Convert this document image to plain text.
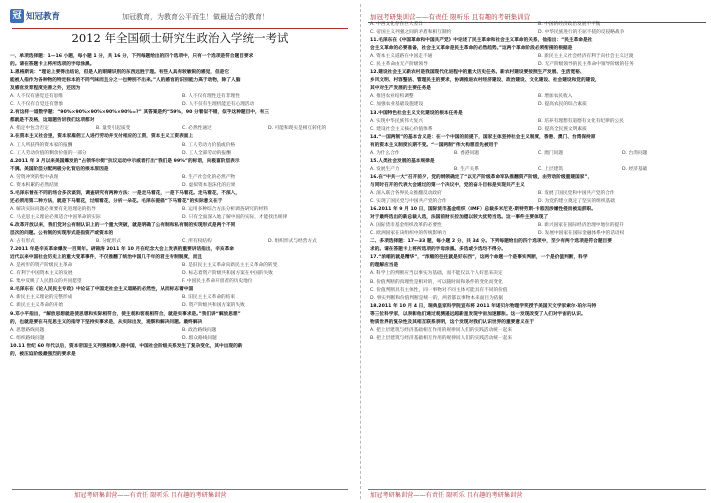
冠 知冠教育	加冠教育，为教育公平而生！做最适合的教育！
2012 年全国硕士研究生政治入学统一考试
一、单项选择题：1—16 小题，每小题 1 分，共 16 分，下列每题给出的四个选项中，只有一个选项是符合题目要求
的。请在答题卡上将所选项的字母涂黑。
1.恩格斯说：“理论上要得出结论，但是人的眼睛识别的东西远胜于理。有些人具有较敏锐的感觉，但是它
能被人指作为各种物的特定标本的不同气味而且分之一也辨别不出来。”人的感官的识别能力高于动物，除了人脑
及感官发育程度完善之外，还因为
A. 人不仅有感觉还有思维	B. 人不仅有理性还有非理性
C. 人不仅有自觉还有想象	D. 人不仅有生理机能还有心理活动
2.有这样一道数学题：“90%×90%×90%×90%×90%=?” 其答案是约“59%，90 分看似不错，似乎这种题目中，有三
都就是不及格，这道题告诉我们这项都对
A. 指定中包含否定	B. 量变引起质变	C. 必然性通过	D. 可能和现实是相互转化的
3.在资本主义社会里，资本家雇佣工人进行劳动并支付相应的工资，资本主义工资表面上
A. 工人所获得的资本家的报酬	B. 工人劳动力价值或价格
C. 工人劳动价值的剩余价值的一部分	D. 工人全部劳动的报酬
4.2011 年 3 月以来美国爆发的“占领华尔街”抗议运动中示威者打出“我们是 99%”的标语，向极富阶层表示
不满。美国阶层分配两极分化背后的根本原因是
A. 劳资冲突的集中表现	B. 生产社会化的必然产物
C. 资本积累的必然结果	D. 虚拟资本泡沫化的后果
5.毛泽东曾在不同的场合多次谈到，调查研究有两种方法：一是走马看花，一是下马看花。走马看花，不深入，
还必须用第二种方法，就是下马看花，过细看花，分析一朵花。毛泽东提倡“下马看花”的实际意义在于
A. 解决实际问题必须要有先进理论的指导	B. 运用多种综合方法分析调查研究的材料
C. 马克思主义理论必须适合中国革命的实际	D. 只有全面深入地了解中国的实际，才能找出规律
6.改革开放以来，我们党对公有制认识上的一个重大突破，就是明确了公有制和私有制的实现形式是两个不同
层次的问题。公有制的实现形式是指资产或资本的
A. 占有形式	B. 分配形式	C. 所有权结构	D. 组织形式与经营方式
7.2011 年是辛亥革命爆发一百周年。胡锦涛 2011 年 10 月在纪念大会上发表的重要讲话指出，辛亥革命
近代以来中国社会历史上的重大变革事件，不仅推翻了统治中国几千年的君主专制制度，而且
A. 是初步的资产阶级民主革命	B. 是旧民主主义革命向新民主主义革命的转变
C. 有利于中国资本主义的发展	D. 标志着资产阶级共和国方案在中国的失败
E. 集中反映了人民群众的共同愿望	F. 中国民主革命开创者的历史地位
8.毛泽东在《论人民民主专政》中论证了中国走社会主义道路的必然性，从而标志着中国
A. 新民主主义理论的完整形成	B. 旧民主主义革命的结束
C. 新民主主义革命的开始	D. 资产阶级共和国方案的失败
9.邓小平指出，“解放思想就是使思想和实际相符合，使主观和客观相符合，就是实事求是。”我们讲“解放思想”
的，也就是要在马克思主义的指导下坚持实事求是，从实际出发，观察和解决问题。最终解决
A. 思想路线问题	B. 政治路线问题
C. 组织路线问题	D. 群众路线问题
10.11 世纪 60 年代以后，资本帝国主义列强相继入侵中国，中国社会阶级关系发生了复杂变化，其中出现的新
的，被压迫阶级最强烈的要求是
加冠考研集训营——有责任 限听乐 且有趣的考研集训营
加冠考研集训营——有责任 限听乐 且有趣的考研集训营
A. 中西文化存在巨大差异	B. 中国的经济政治发展不平衡
C. 帝国主义列强之间的矛盾和相互制约	D. 中华民族进行的不屈不挠的反侵略战争
11.毛泽东在《中国革命和中国共产党》中论述了民主革命和社会主义革命的关系，他指出：“民主革命是社
会主义革命的必要准备，社会主义革命是民主革命的必然趋势。”这两个革命阶段必须衔接的根据是
A. 资本主义道路在中国走不通	B. 新民主主义社会经济有利于向社会主义过渡
C. 民主革命由无产阶级领导	D. 无产阶级领导的民主革命中领导阶级的任务
12.建设社会主义新农村是我国现代化进程中的重大历史任务。新农村建设要按照生产发展、生活宽裕、
乡风文明、村容整洁、管理民主的要求，协调推进农村经济建设、政治建设、文化建设、社会建设和党的建设，
其中对生产发展的主要任务是
A. 推进农业结构调整	B. 增加农民收入
C. 加强农业基础设施建设	D. 提高农民的综合素质
13.中国特色社会主义文化建设的根本任务是
A. 实现中华民族伟大复兴	B. 培养有理想有道德有文化有纪律的公民
C. 建设社会主义核心价值体系	D. 提高全民族文明素质
14.“一国两制”的基本含义是：在一个中国的前提下，国家主体坚持社会主义制度，香港、澳门、台湾保持原
有的资本主义制度长期不变。“一国两制”伟大构想首先被用于
A. 为什么合作	B. 香港问题	C. 澳门问题	D. 台湾问题
15.人类社会发展的基本规律是
A. 发展生产力	B. 生产关系	C. 上层建筑	D. 经济基础
16.在“中共一大”召开前夕，党的纲领确定了“以无产阶级革命军队推翻资产阶级，由劳动阶级重建国家”，
与同时召开的代表大会通过的第一个决议中，党的奋斗目标是实现共产主义
A. 深入联合各界民众推翻反动政府	B. 发展了国民党和中国共产党的合作
C. 实现了国民党与中国共产党的合作	D. 为党的建立奠定了坚实的组织基础
16.2011 年 9 月 10 日，国际货币基金组织（IMF）总裁多米尼克·斯特劳斯·卡恩因涉嫌性侵而被迫辞职。
对于最终选出的新总裁人选，法国前财长拉加德以较大优势当选。这一事件主要体现了
A. 国际货币基金组织改革的必要性	B. 新兴国家在国际经济治理中地位的提升
C. 欧洲国家在该组织中的传统影响力	D. 发展中国家在国际金融体系中的话语权
二、多项选择题：17—33 题，每小题 2 分，共 34 分。下列每题给出的四个选项中，至少有两个选项是符合题目要
求的。请在答题卡上将所选项的字母涂黑。多选或少选均不得分。
17.“浓缩的就是精华”，“浓缩的往往就是好东西”，这两个命题一个是事实判断，一个是价值判断，科学
的理解应当是
A. 科学上的判断应当以事实为基础，而不能仅以个人好恶来决定
B. 价值判断的真理性是相对的，可以随时间和条件的变化而变化
C. 价值判断具有主体性，同一事物对不同主体可能具有不同的价值
D. 事实判断和价值判断是统一的，两者都以事物本来面目为依据
18.2011 年 10 月 4 日，瑞典皇家科学院宣布将 2011 年诺贝尔物理学奖授予美国天文学家索尔·珀尔马特
等三位科学家，以表彰他们通过观测遥远超新星发现宇宙加速膨胀。这一发现改变了人们对宇宙的认识。
物质世界的复杂性及其相互联系表明，这个发现对我们认识世界的重要意义在于
A. 把上层建筑与经济基础相互作用的规律同人们的实践活动统一起来
B. 把上层建筑与经济基础相互作用的规律同人们的实践活动统一起来
加冠考研集训营——有责任 限听乐 且有趣的考研集训营
